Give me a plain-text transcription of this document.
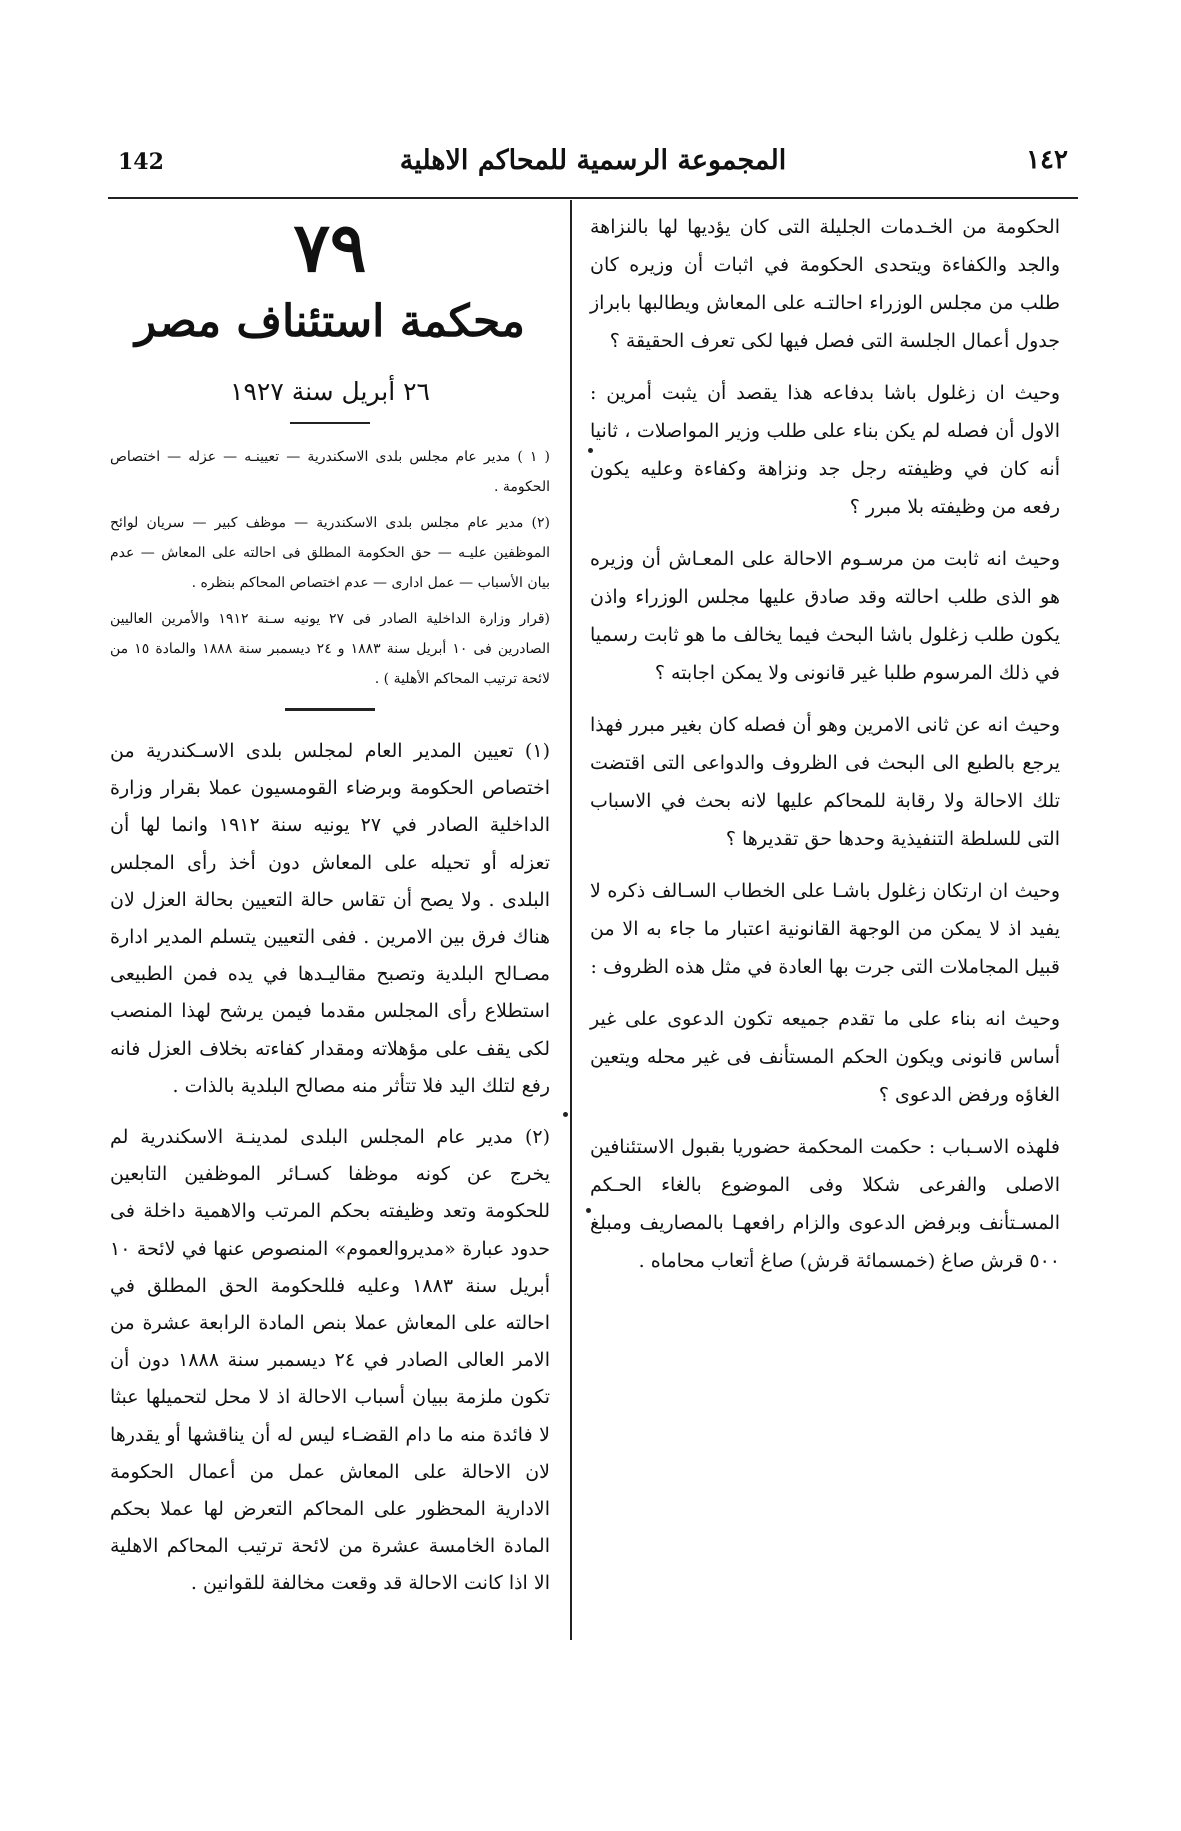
142	المجموعة الرسمية للمحاكم الاهلية	١٤٢

الحكومة من الخـدمات الجليلة التى كان يؤديها لها بالنزاهة والجد والكفاءة ويتحدى الحكومة في اثبات أن وزيره كان طلب من مجلس الوزراء احالتـه على المعاش ويطالبها بابراز جدول أعمال الجلسة التى فصل فيها لكى تعرف الحقيقة ؟

وحيث ان زغلول باشا بدفاعه هذا يقصد أن يثبت أمرين : الاول أن فصله لم يكن بناء على طلب وزير المواصلات ، ثانيا أنه كان في وظيفته رجل جد ونزاهة وكفاءة وعليه يكون رفعه من وظيفته بلا مبرر ؟

وحيث انه ثابت من مرسـوم الاحالة على المعـاش أن وزيره هو الذى طلب احالته وقد صادق عليها مجلس الوزراء واذن يكون طلب زغلول باشا البحث فيما يخالف ما هو ثابت رسميا في ذلك المرسوم طلبا غير قانونى ولا يمكن اجابته ؟

وحيث انه عن ثانى الامرين وهو أن فصله كان بغير مبرر فهذا يرجع بالطبع الى البحث فى الظروف والدواعى التى اقتضت تلك الاحالة ولا رقابة للمحاكم عليها لانه بحث في الاسباب التى للسلطة التنفيذية وحدها حق تقديرها ؟

وحيث ان ارتكان زغلول باشـا على الخطاب السـالف ذكره لا يفيد اذ لا يمكن من الوجهة القانونية اعتبار ما جاء به الا من قبيل المجاملات التى جرت بها العادة في مثل هذه الظروف :

وحيث انه بناء على ما تقدم جميعه تكون الدعوى على غير أساس قانونى ويكون الحكم المستأنف فى غير محله ويتعين الغاؤه ورفض الدعوى ؟

فلهذه الاسـباب : حكمت المحكمة حضوريا بقبول الاستئنافين الاصلى والفرعى شكلا وفى الموضوع بالغاء الحـكم المسـتأنف وبرفض الدعوى والزام رافعهـا بالمصاريف ومبلغ ٥٠٠ قرش صاغ (خمسمائة قرش) صاغ أتعاب محاماه .

٧٩
محكمة استئناف مصر
٢٦ أبريل سنة ١٩٢٧

( ١ ) مدير عام مجلس بلدى الاسكندرية — تعيينـه — عزله — اختصاص الحكومة .

(٢) مدير عام مجلس بلدى الاسكندرية — موظف كبير — سريان لوائح الموظفين عليـه — حق الحكومة المطلق فى احالته على المعاش — عدم بيان الأسباب — عمل ادارى — عدم اختصاص المحاكم بنظره .

(قرار وزارة الداخلية الصادر فى ٢٧ يونيه سـنة ١٩١٢ والأمرين العاليين الصادرين فى ١٠ أبريل سنة ١٨٨٣ و ٢٤ ديسمبر سنة ١٨٨٨ والمادة ١٥ من لائحة ترتيب المحاكم الأهلية ) .

(١) تعيين المدير العام لمجلس بلدى الاسـكندرية من اختصاص الحكومة وبرضاء القومسيون عملا بقرار وزارة الداخلية الصادر في ٢٧ يونيه سنة ١٩١٢ وانما لها أن تعزله أو تحيله على المعاش دون أخذ رأى المجلس البلدى . ولا يصح أن تقاس حالة التعيين بحالة العزل لان هناك فرق بين الامرين . ففى التعيين يتسلم المدير ادارة مصـالح البلدية وتصبح مقاليـدها في يده فمن الطبيعى استطلاع رأى المجلس مقدما فيمن يرشح لهذا المنصب لكى يقف على مؤهلاته ومقدار كفاءته بخلاف العزل فانه رفع لتلك اليد فلا تتأثر منه مصالح البلدية بالذات .

(٢) مدير عام المجلس البلدى لمدينـة الاسكندرية لم يخرج عن كونه موظفا كسـائر الموظفين التابعين للحكومة وتعد وظيفته بحكم المرتب والاهمية داخلة فى حدود عبارة «مديروالعموم» المنصوص عنها في لائحة ١٠ أبريل سنة ١٨٨٣ وعليه فللحكومة الحق المطلق في احالته على المعاش عملا بنص المادة الرابعة عشرة من الامر العالى الصادر في ٢٤ ديسمبر سنة ١٨٨٨ دون أن تكون ملزمة ببيان أسباب الاحالة اذ لا محل لتحميلها عبثا لا فائدة منه ما دام القضـاء ليس له أن يناقشها أو يقدرها لان الاحالة على المعاش عمل من أعمال الحكومة الادارية المحظور على المحاكم التعرض لها عملا بحكم المادة الخامسة عشرة من لائحة ترتيب المحاكم الاهلية الا اذا كانت الاحالة قد وقعت مخالفة للقوانين .
